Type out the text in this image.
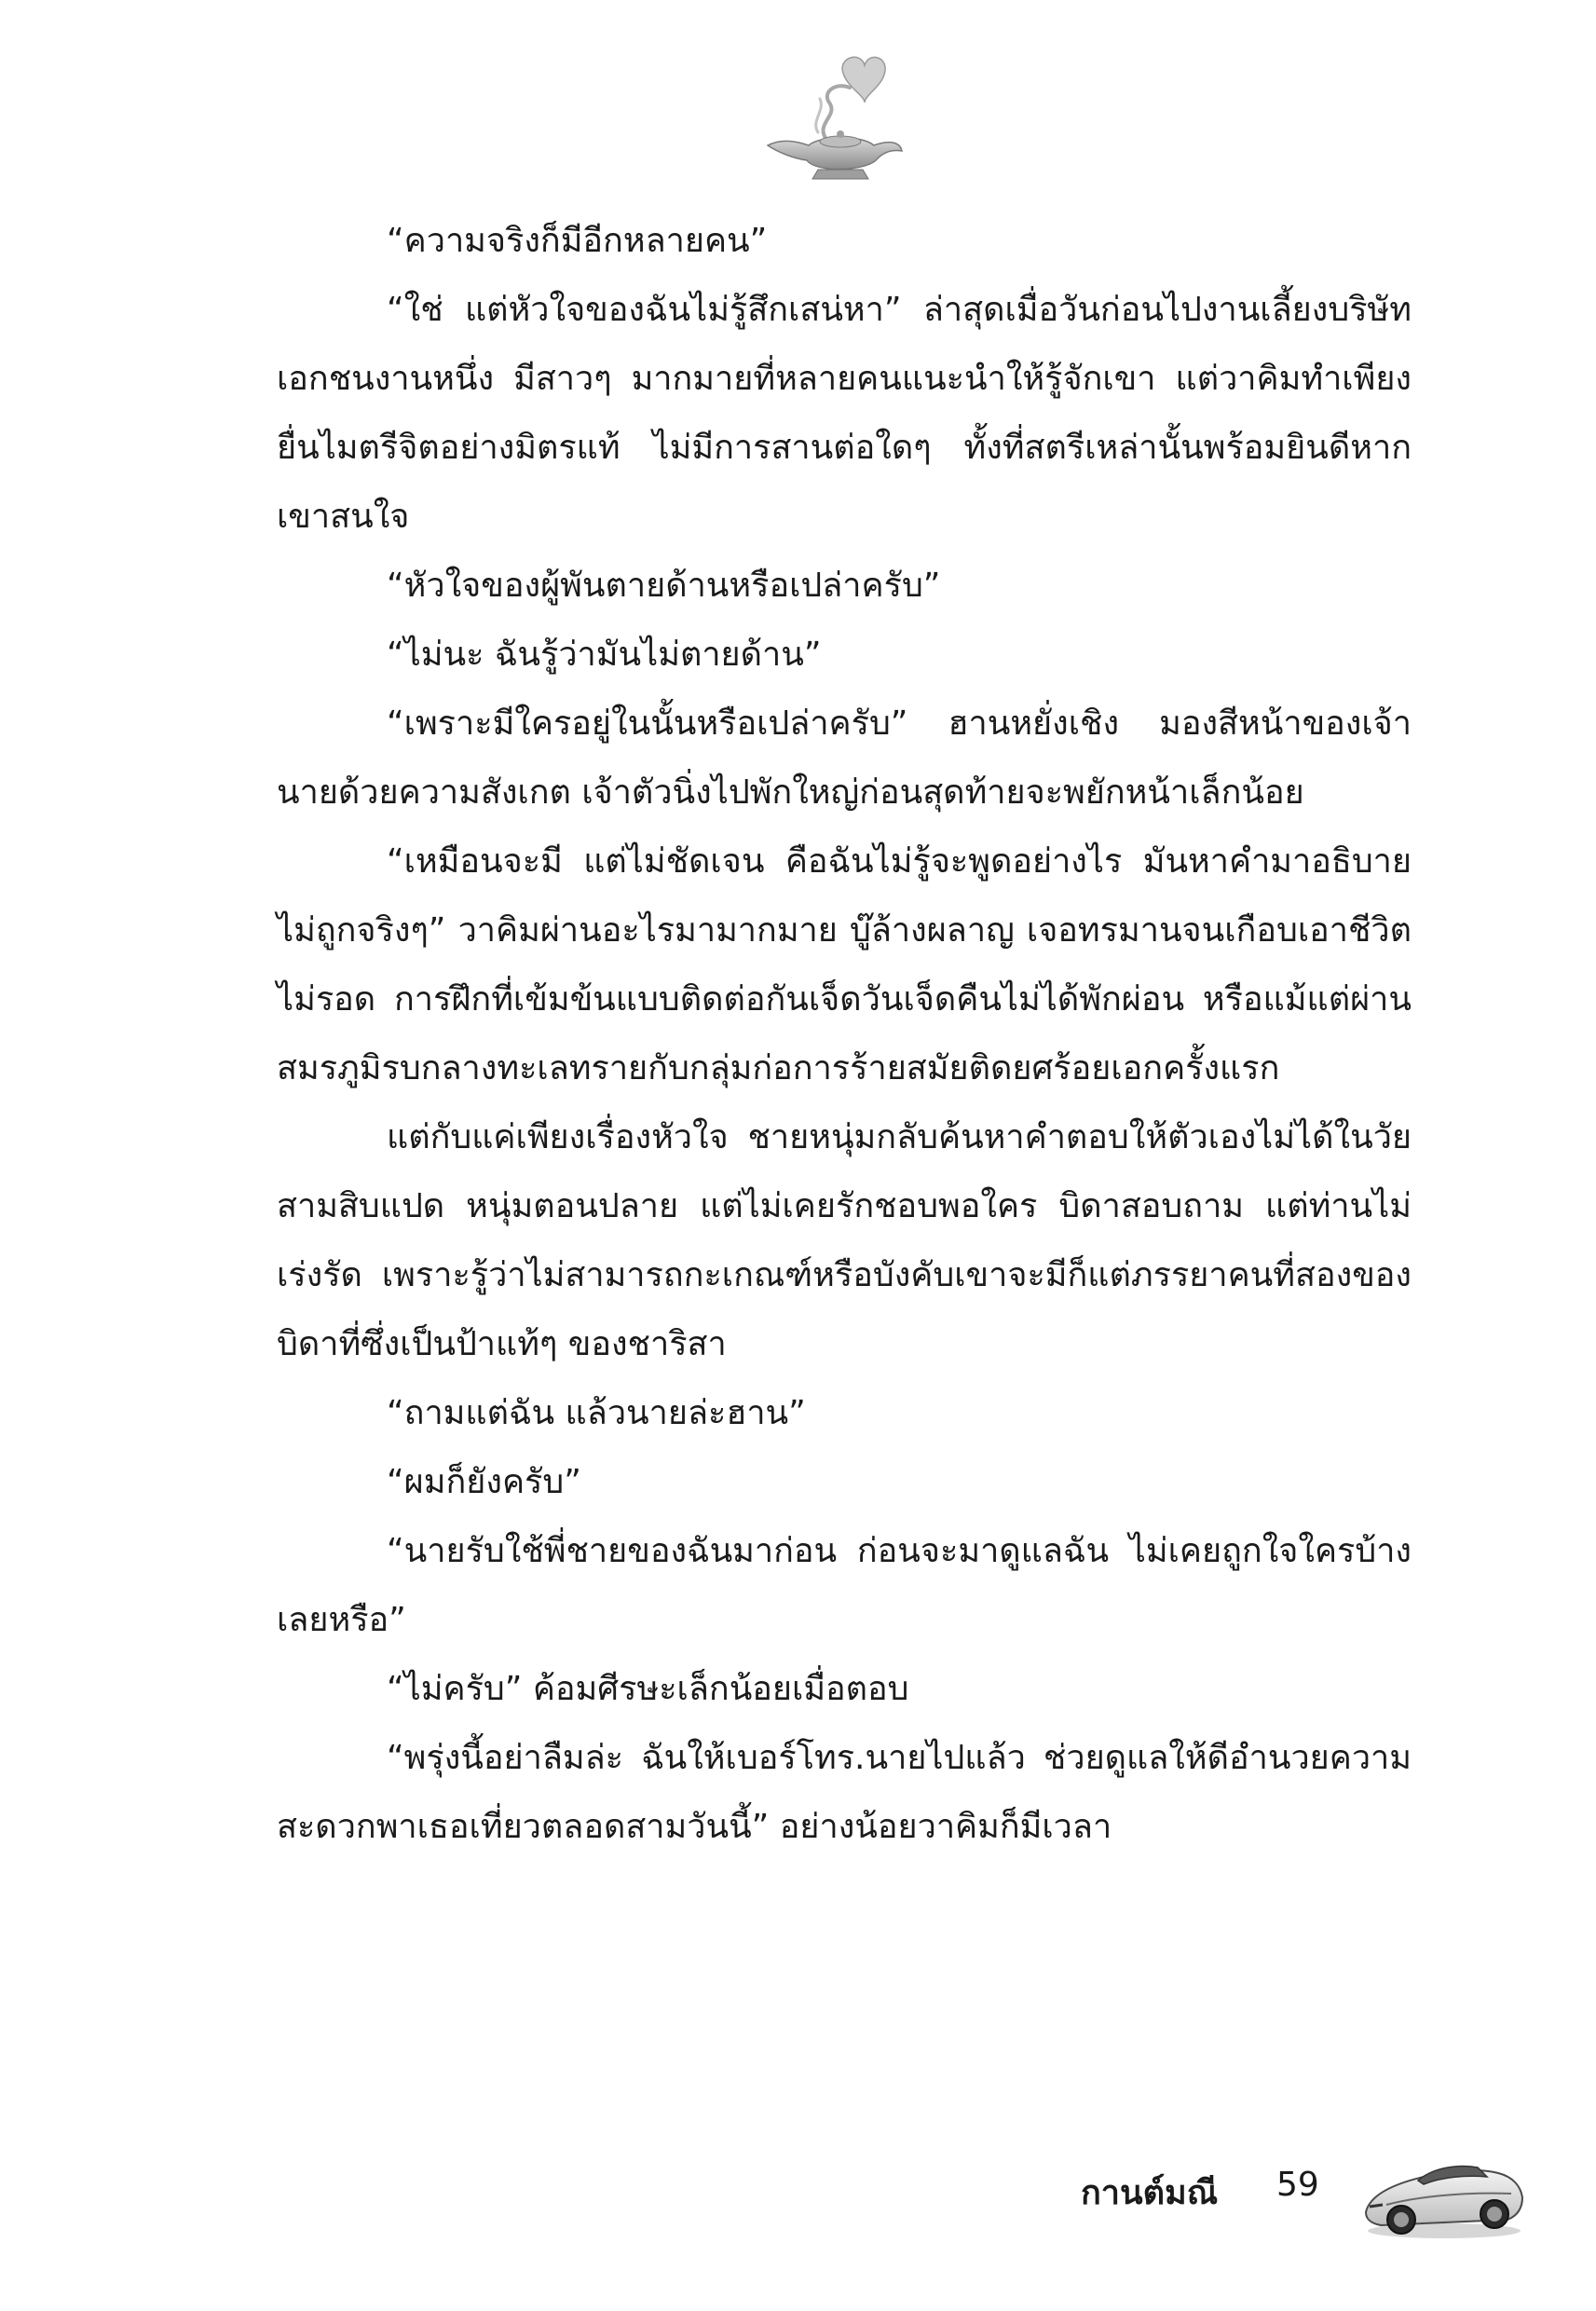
“ความจริงก็มีอีกหลายคน”

“ใช่ แต่หัวใจของฉันไม่รู้สึกเสน่หา” ล่าสุดเมื่อวันก่อนไปงานเลี้ยงบริษัทเอกชนงานหนึ่ง มีสาวๆ มากมายที่หลายคนแนะนำให้รู้จักเขา แต่วาคิมทำเพียงยื่นไมตรีจิตอย่างมิตรแท้ ไม่มีการสานต่อใดๆ ทั้งที่สตรีเหล่านั้นพร้อมยินดีหากเขาสนใจ

“หัวใจของผู้พันตายด้านหรือเปล่าครับ”

“ไม่นะ ฉันรู้ว่ามันไม่ตายด้าน”

“เพราะมีใครอยู่ในนั้นหรือเปล่าครับ” ฮานหยั่งเชิง มองสีหน้าของเจ้านายด้วยความสังเกต เจ้าตัวนิ่งไปพักใหญ่ก่อนสุดท้ายจะพยักหน้าเล็กน้อย

“เหมือนจะมี แต่ไม่ชัดเจน คือฉันไม่รู้จะพูดอย่างไร มันหาคำมาอธิบายไม่ถูกจริงๆ” วาคิมผ่านอะไรมามากมาย บู๊ล้างผลาญ เจอทรมานจนเกือบเอาชีวิตไม่รอด การฝึกที่เข้มข้นแบบติดต่อกันเจ็ดวันเจ็ดคืนไม่ได้พักผ่อน หรือแม้แต่ผ่านสมรภูมิรบกลางทะเลทรายกับกลุ่มก่อการร้ายสมัยติดยศร้อยเอกครั้งแรก

แต่กับแค่เพียงเรื่องหัวใจ ชายหนุ่มกลับค้นหาคำตอบให้ตัวเองไม่ได้ในวัยสามสิบแปด หนุ่มตอนปลาย แต่ไม่เคยรักชอบพอใคร บิดาสอบถาม แต่ท่านไม่เร่งรัด เพราะรู้ว่าไม่สามารถกะเกณฑ์หรือบังคับเขาจะมีก็แต่ภรรยาคนที่สองของบิดาที่ซึ่งเป็นป้าแท้ๆ ของชาริสา

“ถามแต่ฉัน แล้วนายล่ะฮาน”

“ผมก็ยังครับ”

“นายรับใช้พี่ชายของฉันมาก่อน ก่อนจะมาดูแลฉัน ไม่เคยถูกใจใครบ้างเลยหรือ”

“ไม่ครับ” ค้อมศีรษะเล็กน้อยเมื่อตอบ

“พรุ่งนี้อย่าลืมล่ะ ฉันให้เบอร์โทร.นายไปแล้ว ช่วยดูแลให้ดีอำนวยความสะดวกพาเธอเที่ยวตลอดสามวันนี้” อย่างน้อยวาคิมก็มีเวลา

กานต์มณี 59
